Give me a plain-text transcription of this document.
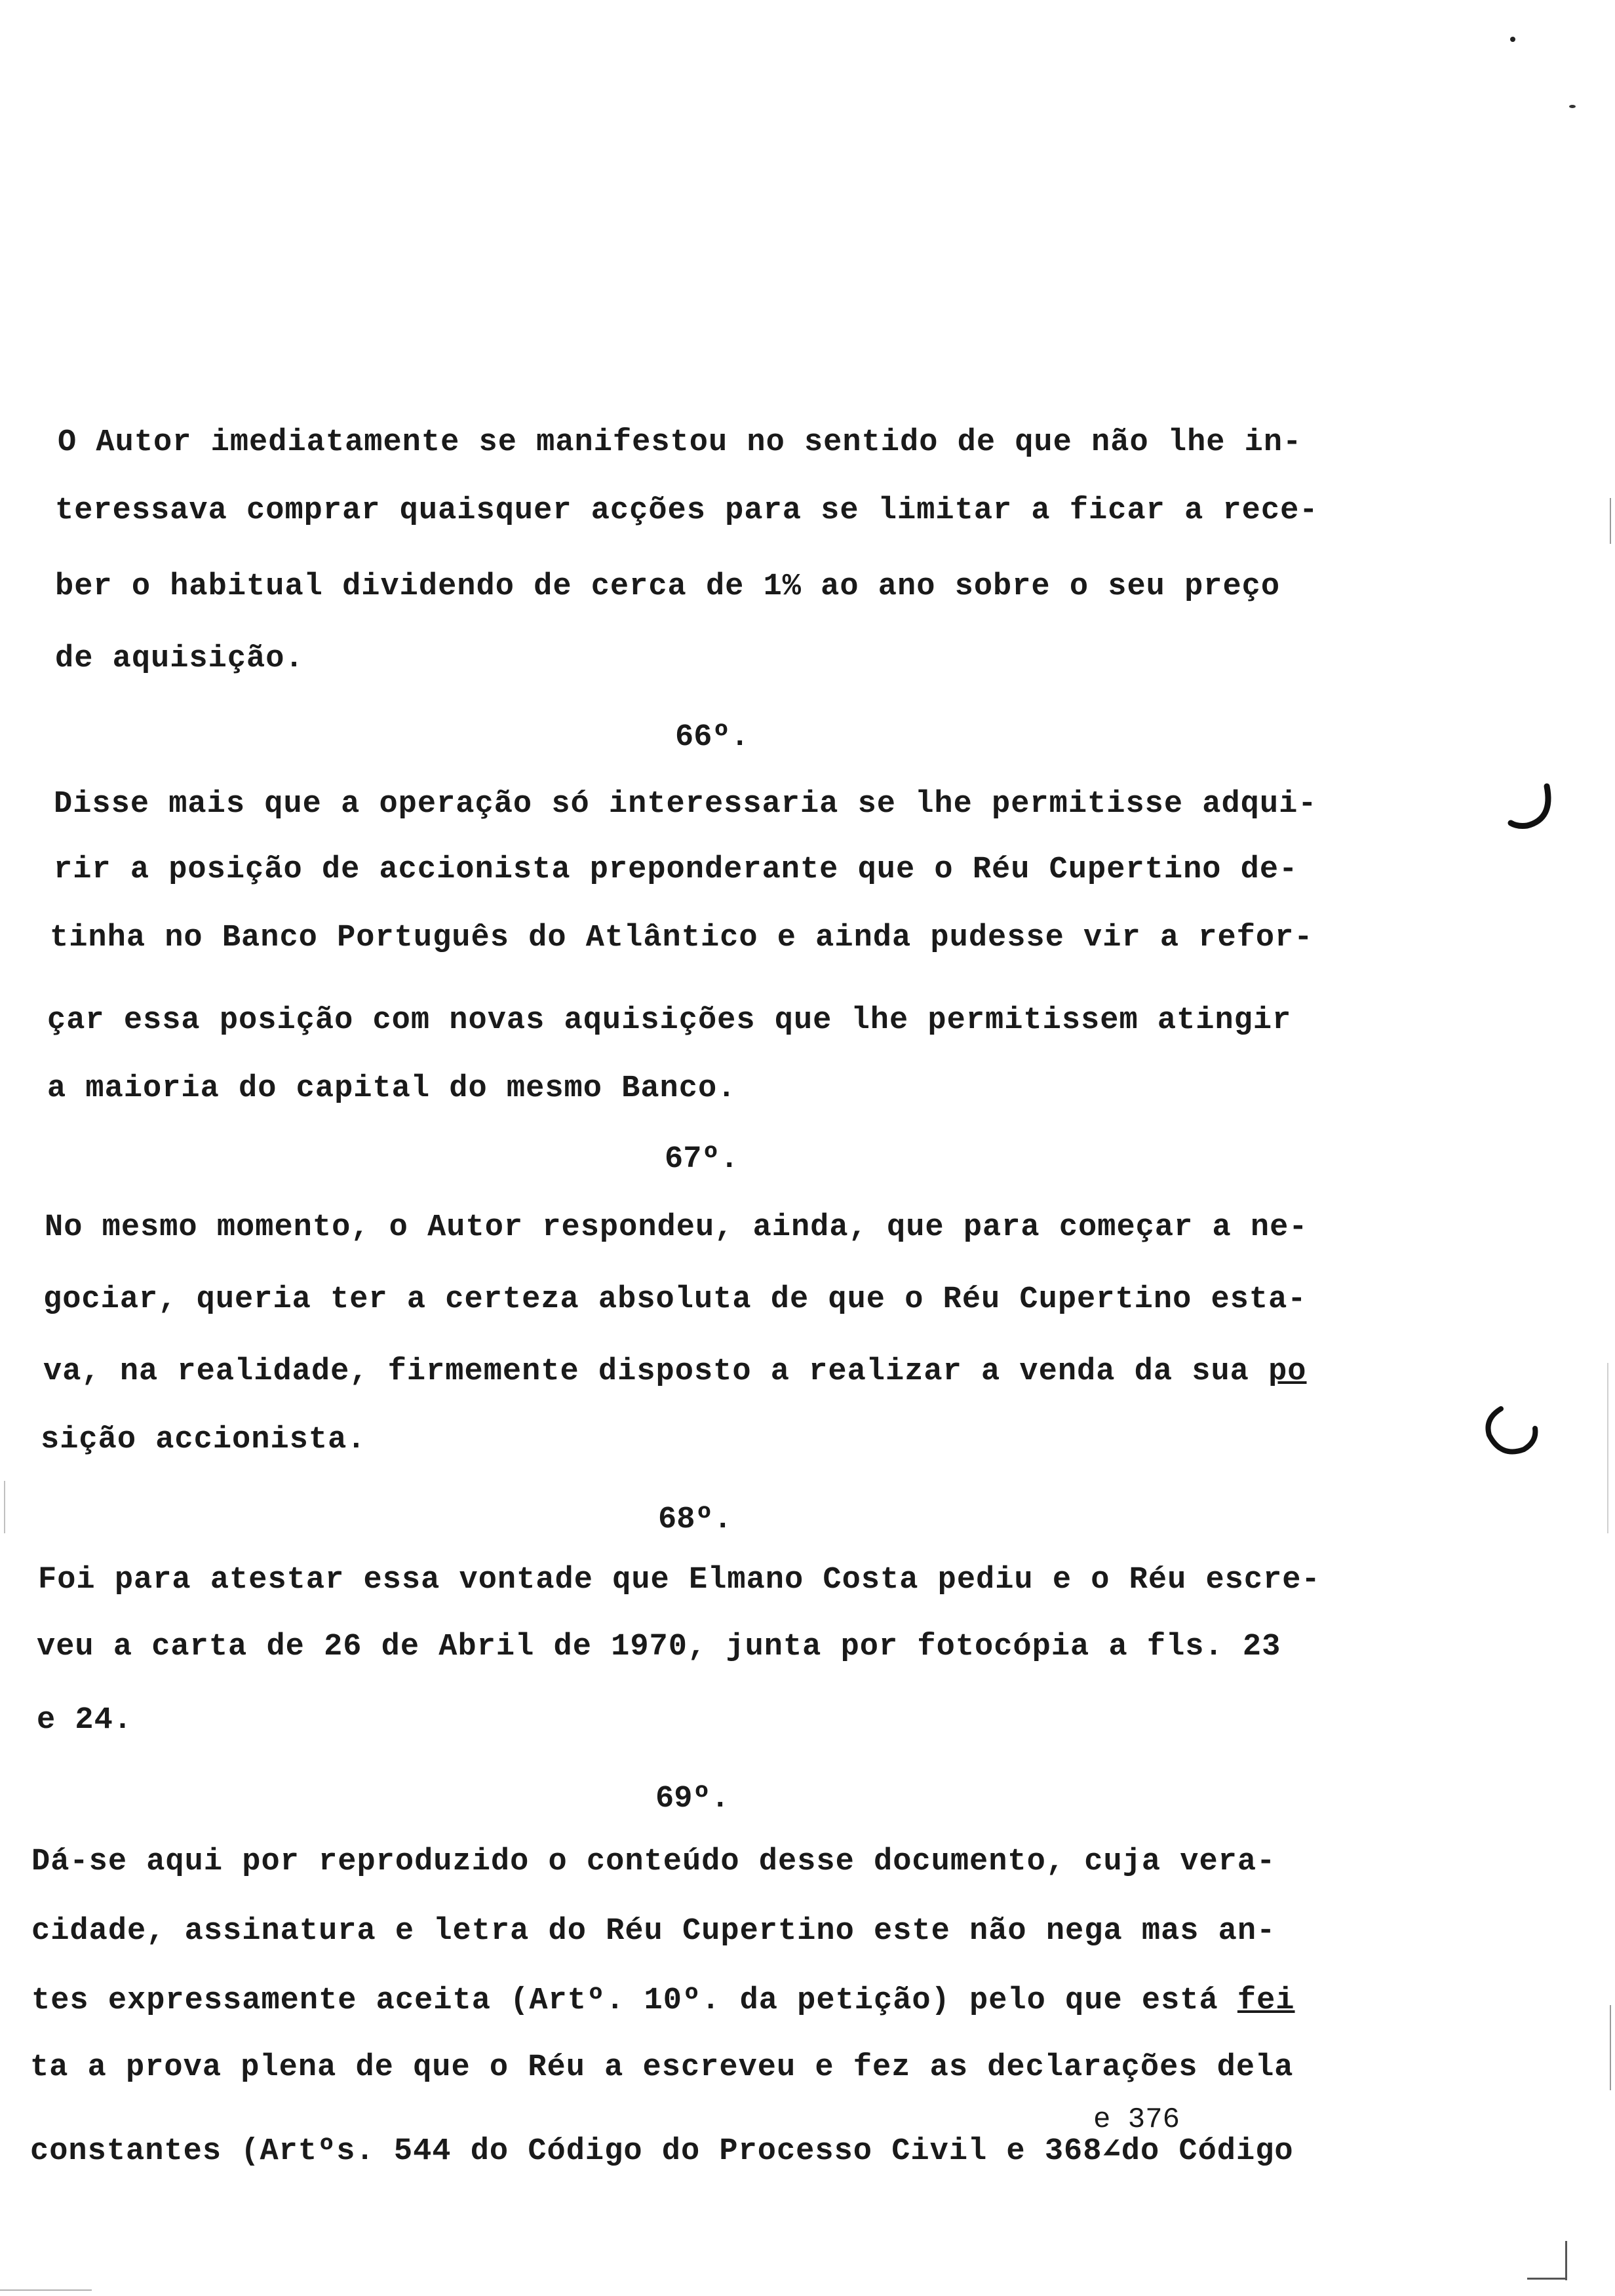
O Autor imediatamente se manifestou no sentido de que não lhe in-
teressava comprar quaisquer acções para se limitar a ficar a rece-
ber o habitual dividendo de cerca de 1% ao ano sobre o seu preço
de aquisição.
66º.
Disse mais que a operação só interessaria se lhe permitisse adqui-
rir a posição de accionista preponderante que o Réu Cupertino de-
tinha no Banco Português do Atlântico e ainda pudesse vir a refor-
çar essa posição com novas aquisições que lhe permitissem atingir
a maioria do capital do mesmo Banco.
67º.
No mesmo momento, o Autor respondeu, ainda, que para começar a ne-
gociar, queria ter a certeza absoluta de que o Réu Cupertino esta-
va, na realidade, firmemente disposto a realizar a venda da sua po
sição accionista.
68º.
Foi para atestar essa vontade que Elmano Costa pediu e o Réu escre-
veu a carta de 26 de Abril de 1970, junta por fotocópia a fls. 23
e 24.
69º.
Dá-se aqui por reproduzido o conteúdo desse documento, cuja vera-
cidade, assinatura e letra do Réu Cupertino este não nega mas an-
tes expressamente aceita (Artº. 10º. da petição) pelo que está fei
ta a prova plena de que o Réu a escreveu e fez as declarações dela
e 376
constantes (Artºs. 544 do Código do Processo Civil e 368∠do Código
